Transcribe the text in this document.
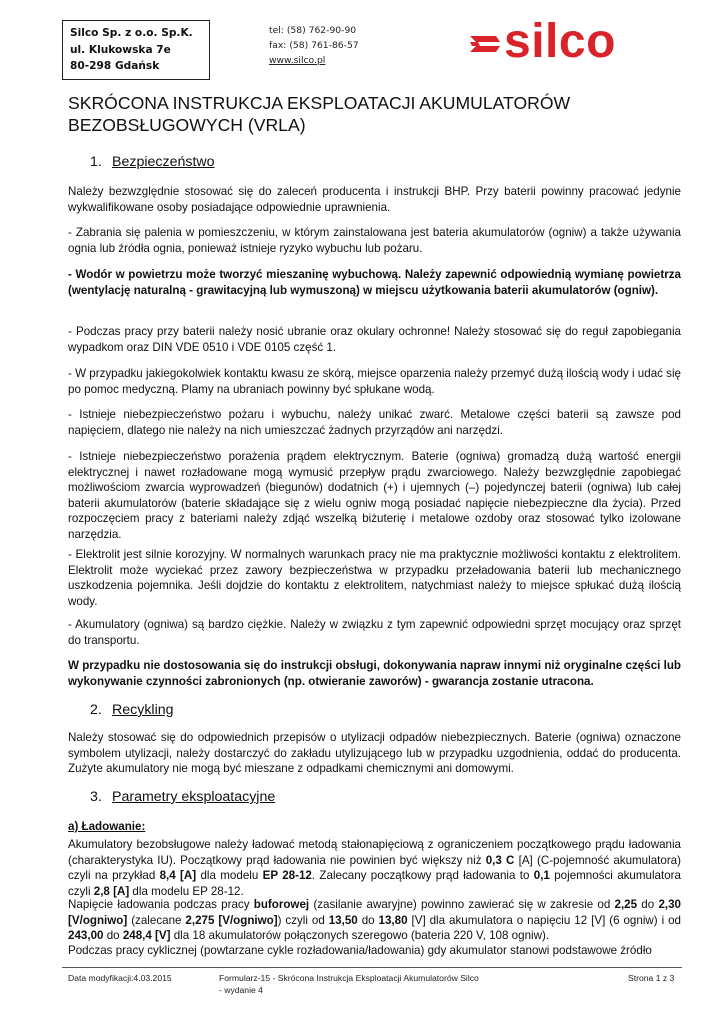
Silco Sp. z o.o. Sp.K.
ul. Klukowska 7e
80-298 Gdańsk
tel: (58) 762-90-90
fax: (58) 761-86-57
www.silco.pl	silco
SKRÓCONA INSTRUKCJA EKSPLOATACJI AKUMULATORÓW
BEZOBSŁUGOWYCH (VRLA)
1. Bezpieczeństwo

Należy bezwzględnie stosować się do zaleceń producenta i instrukcji BHP. Przy baterii powinny pracować jedynie wykwalifikowane osoby posiadające odpowiednie uprawnienia.

- Zabrania się palenia w pomieszczeniu, w którym zainstalowana jest bateria akumulatorów (ogniw) a także używania ognia lub źródła ognia, ponieważ istnieje ryzyko wybuchu lub pożaru.

- Wodór w powietrzu może tworzyć mieszaninę wybuchową. Należy zapewnić odpowiednią wymianę powietrza (wentylację naturalną - grawitacyjną lub wymuszoną) w miejscu użytkowania baterii akumulatorów (ogniw).

- Podczas pracy przy baterii należy nosić ubranie oraz okulary ochronne! Należy stosować się do reguł zapobiegania wypadkom oraz DIN VDE 0510 i VDE 0105 część 1.

- W przypadku jakiegokolwiek kontaktu kwasu ze skórą, miejsce oparzenia należy przemyć dużą ilością wody i udać się po pomoc medyczną. Plamy na ubraniach powinny być spłukane wodą.

- Istnieje niebezpieczeństwo pożaru i wybuchu, należy unikać zwarć. Metalowe części baterii są zawsze pod napięciem, dlatego nie należy na nich umieszczać żadnych przyrządów ani narzędzi.

- Istnieje niebezpieczeństwo porażenia prądem elektrycznym. Baterie (ogniwa) gromadzą dużą wartość energii elektrycznej i nawet rozładowane mogą wymusić przepływ prądu zwarciowego. Należy bezwzględnie zapobiegać możliwościom zwarcia wyprowadzeń (biegunów) dodatnich (+) i ujemnych (–) pojedynczej baterii (ogniwa) lub całej baterii akumulatorów (baterie składające się z wielu ogniw mogą posiadać napięcie niebezpieczne dla życia). Przed rozpoczęciem pracy z bateriami należy zdjąć wszelką biżuterię i metalowe ozdoby oraz stosować tylko izolowane narzędzia.

- Elektrolit jest silnie korozyjny. W normalnych warunkach pracy nie ma praktycznie możliwości kontaktu z elektrolitem. Elektrolit może wyciekać przez zawory bezpieczeństwa w przypadku przeładowania baterii lub mechanicznego uszkodzenia pojemnika. Jeśli dojdzie do kontaktu z elektrolitem, natychmiast należy to miejsce spłukać dużą ilością wody.

- Akumulatory (ogniwa) są bardzo ciężkie. Należy w związku z tym zapewnić odpowiedni sprzęt mocujący oraz sprzęt do transportu.

W przypadku nie dostosowania się do instrukcji obsługi, dokonywania napraw innymi niż oryginalne części lub wykonywanie czynności zabronionych (np. otwieranie zaworów) - gwarancja zostanie utracona.

2. Recykling

Należy stosować się do odpowiednich przepisów o utylizacji odpadów niebezpiecznych. Baterie (ogniwa) oznaczone symbolem utylizacji, należy dostarczyć do zakładu utylizującego lub w przypadku uzgodnienia, oddać do producenta. Zużyte akumulatory nie mogą być mieszane z odpadkami chemicznymi ani domowymi.

3. Parametry eksploatacyjne
a) Ładowanie:

Akumulatory bezobsługowe należy ładować metodą stałonapięciową z ograniczeniem początkowego prądu ładowania (charakterystyka IU). Początkowy prąd ładowania nie powinien być większy niż 0,3 C [A] (C-pojemność akumulatora) czyli na przykład 8,4 [A] dla modelu EP 28-12. Zalecany początkowy prąd ładowania to 0,1 pojemności akumulatora czyli 2,8 [A] dla modelu EP 28-12.

Napięcie ładowania podczas pracy buforowej (zasilanie awaryjne) powinno zawierać się w zakresie od 2,25 do 2,30 [V/ogniwo] (zalecane 2,275 [V/ogniwo]) czyli od 13,50 do 13,80 [V] dla akumulatora o napięciu 12 [V] (6 ogniw) i od 243,00 do 248,4 [V] dla 18 akumulatorów połączonych szeregowo (bateria 220 V, 108 ogniw).

Podczas pracy cyklicznej (powtarzane cykle rozładowania/ładowania) gdy akumulator stanowi podstawowe źródło

Data modyfikacji:4.03.2015	Formularz-15 - Skrócona Instrukcja Eksploatacji Akumulatorów Silco - wydanie 4
Strona 1 z 3
